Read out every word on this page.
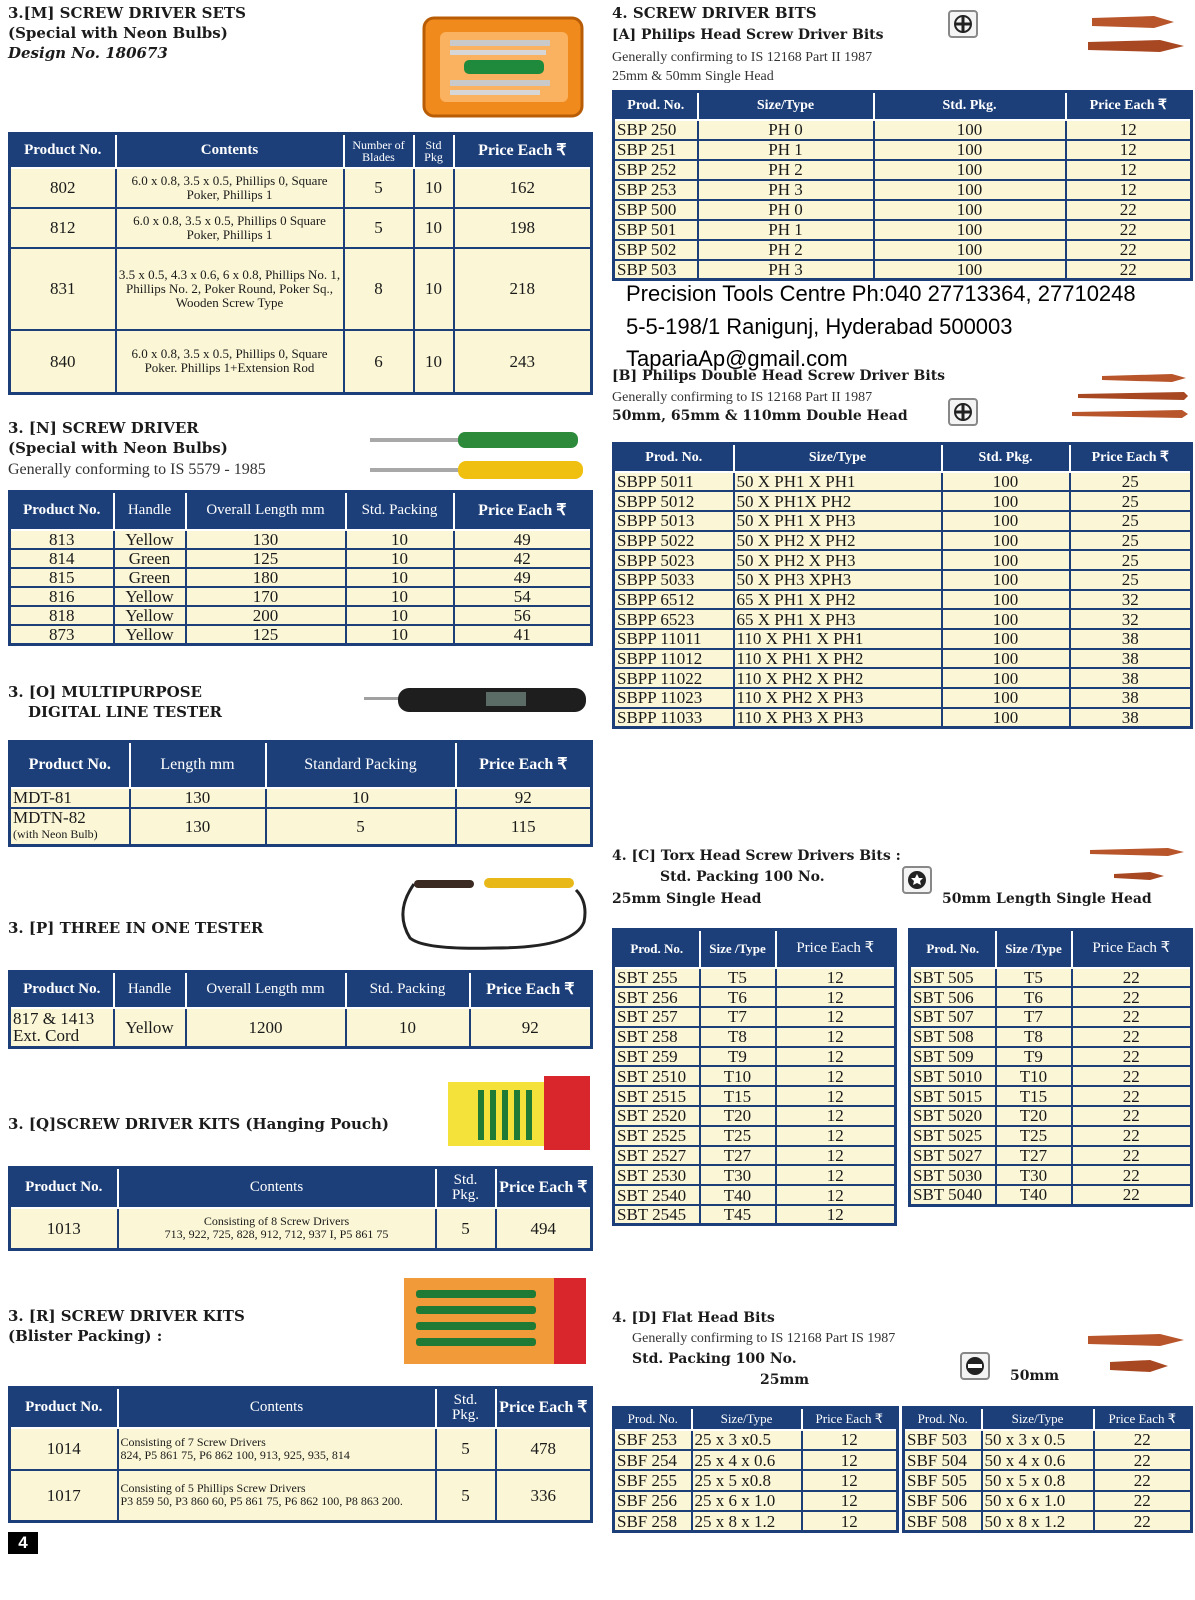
3.[M] SCREW DRIVER SETS
(Special with Neon Bulbs)
Design No. 180673
Product No.	Contents	Number of Blades	Std Pkg	Price Each ₹
802	6.0 x 0.8, 3.5 x 0.5, Phillips 0, Square Poker, Phillips 1	5	10	162
812	6.0 x 0.8, 3.5 x 0.5, Phillips 0 Square Poker, Phillips 1	5	10	198
831	3.5 x 0.5, 4.3 x 0.6, 6 x 0.8, Phillips No. 1, Phillips No. 2, Poker Round, Poker Sq., Wooden Screw Type	8	10	218
840	6.0 x 0.8, 3.5 x 0.5, Phillips 0, Square Poker. Phillips 1+Extension Rod	6	10	243
3. [N] SCREW DRIVER
(Special with Neon Bulbs)
Generally conforming to IS 5579 - 1985
Product No.	Handle	Overall Length mm	Std. Packing	Price Each ₹
813	Yellow	130	10	49
814	Green	125	10	42
815	Green	180	10	49
816	Yellow	170	10	54
818	Yellow	200	10	56
873	Yellow	125	10	41
3. [O] MULTIPURPOSE
DIGITAL LINE TESTER
Product No.	Length mm	Standard Packing	Price Each ₹
MDT-81	130	10	92

MDTN-82
(with Neon Bulb)	130	5	115
3. [P] THREE IN ONE TESTER
Product No.	Handle	Overall Length mm	Std. Packing	Price Each ₹

817 & 1413
Ext. Cord	Yellow	1200	10	92
3. [Q]SCREW DRIVER KITS (Hanging Pouch)
Product No.	Contents	Std. Pkg.	Price Each ₹
1013	Consisting of 8 Screw Drivers
713, 922, 725, 828, 912, 712, 937 I, P5 861 75	5	494
3. [R] SCREW DRIVER KITS
(Blister Packing) :
Product No.	Contents	Std. Pkg.	Price Each ₹
1014	Consisting of 7 Screw Drivers
824, P5 861 75, P6 862 100, 913, 925, 935, 814	5	478
1017	Consisting of 5 Phillips Screw Drivers
P3 859 50, P3 860 60, P5 861 75, P6 862 100, P8 863 200.	5	336
4
4. SCREW DRIVER BITS
[A] Philips Head Screw Driver Bits
Generally confirming to IS 12168 Part II 1987
25mm & 50mm Single Head
Prod. No.	Size/Type	Std. Pkg.	Price Each ₹
SBP 250	PH 0	100	12
SBP 251	PH 1	100	12
SBP 252	PH 2	100	12
SBP 253	PH 3	100	12
SBP 500	PH 0	100	22
SBP 501	PH 1	100	22
SBP 502	PH 2	100	22
SBP 503	PH 3	100	22
Precision Tools Centre Ph:040 27713364, 27710248
5-5-198/1 Ranigunj, Hyderabad 500003
TapariaAp@gmail.com
[B] Philips Double Head Screw Driver Bits
Generally confirming to IS 12168 Part II 1987
50mm, 65mm & 110mm Double Head
Prod. No.	Size/Type	Std. Pkg.	Price Each ₹
SBPP 5011	50 X PH1 X PH1	100	25
SBPP 5012	50 X PH1X PH2	100	25
SBPP 5013	50 X PH1 X PH3	100	25
SBPP 5022	50 X PH2 X PH2	100	25
SBPP 5023	50 X PH2 X PH3	100	25
SBPP 5033	50 X PH3 XPH3	100	25
SBPP 6512	65 X PH1 X PH2	100	32
SBPP 6523	65 X PH1 X PH3	100	32
SBPP 11011	110 X PH1 X PH1	100	38
SBPP 11012	110 X PH1 X PH2	100	38
SBPP 11022	110 X PH2 X PH2	100	38
SBPP 11023	110 X PH2 X PH3	100	38
SBPP 11033	110 X PH3 X PH3	100	38
4. [C] Torx Head Screw Drivers Bits :
Std. Packing 100 No.
25mm Single Head	50mm Length Single Head
Prod. No.	Size /Type	Price Each ₹
SBT 255	T5	12
SBT 256	T6	12
SBT 257	T7	12
SBT 258	T8	12
SBT 259	T9	12
SBT 2510	T10	12
SBT 2515	T15	12
SBT 2520	T20	12
SBT 2525	T25	12
SBT 2527	T27	12
SBT 2530	T30	12
SBT 2540	T40	12
SBT 2545	T45	12
Prod. No.	Size /Type	Price Each ₹
SBT 505	T5	22
SBT 506	T6	22
SBT 507	T7	22
SBT 508	T8	22
SBT 509	T9	22
SBT 5010	T10	22
SBT 5015	T15	22
SBT 5020	T20	22
SBT 5025	T25	22
SBT 5027	T27	22
SBT 5030	T30	22
SBT 5040	T40	22
4. [D] Flat Head Bits
Generally confirming to IS 12168 Part IS 1987
Std. Packing 100 No.
25mm	50mm
Prod. No.	Size/Type	Price Each ₹
SBF 253	25 x 3 x0.5	12
SBF 254	25 x 4 x 0.6	12
SBF 255	25 x 5 x0.8	12
SBF 256	25 x 6 x 1.0	12
SBF 258	25 x 8 x 1.2	12
Prod. No.	Size/Type	Price Each ₹
SBF 503	50 x 3 x 0.5	22
SBF 504	50 x 4 x 0.6	22
SBF 505	50 x 5 x 0.8	22
SBF 506	50 x 6 x 1.0	22
SBF 508	50 x 8 x 1.2	22
